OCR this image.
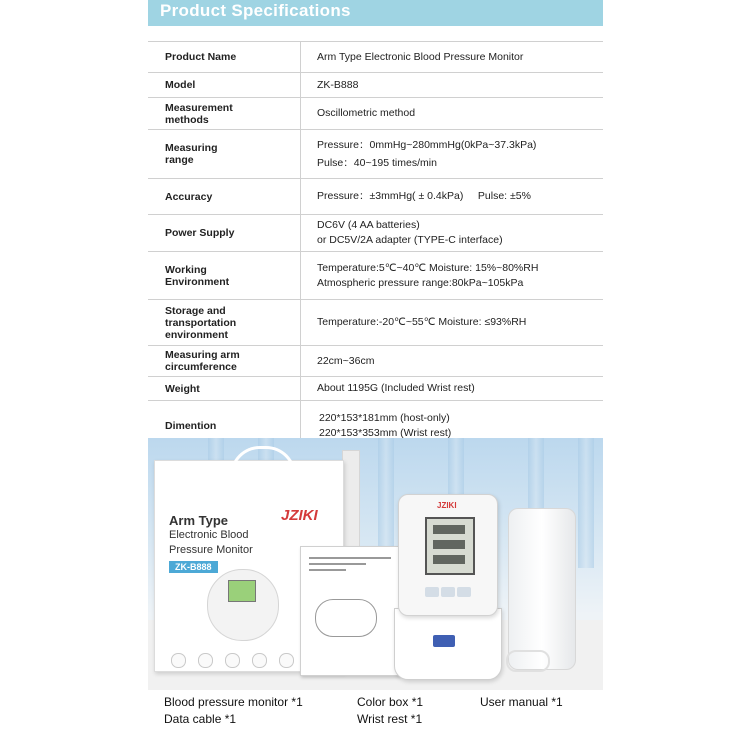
Product Specifications
Product Name	Arm Type Electronic Blood Pressure Monitor

Model	ZK-B888

Measurement
methods	Oscillometric method

Measuring
range	Pressure：0mmHg~280mmHg(0kPa~37.3kPa)
Pulse：40~195 times/min

Accuracy	Pressure：±3mmHg( ± 0.4kPa)     Pulse: ±5%

Power Supply	DC6V (4 AA batteries)
or DC5V/2A adapter (TYPE-C interface)

Working
Environment	Temperature:5℃~40℃ Moisture: 15%~80%RH
Atmospheric pressure range:80kPa~105kPa

Storage and
transportation
environment	Temperature:-20℃~55℃ Moisture: ≤93%RH

Measuring arm
circumference	22cm~36cm

Weight	About 1195G (Included Wrist rest)

Dimention	220*153*181mm (host-only)
220*153*353mm (Wrist rest)
JZIKI
Arm Type
Electronic Blood
Pressure Monitor
ZK-B888
JZIKI
Blood pressure monitor *1	Color box *1	User manual *1
Data cable *1	Wrist rest *1
